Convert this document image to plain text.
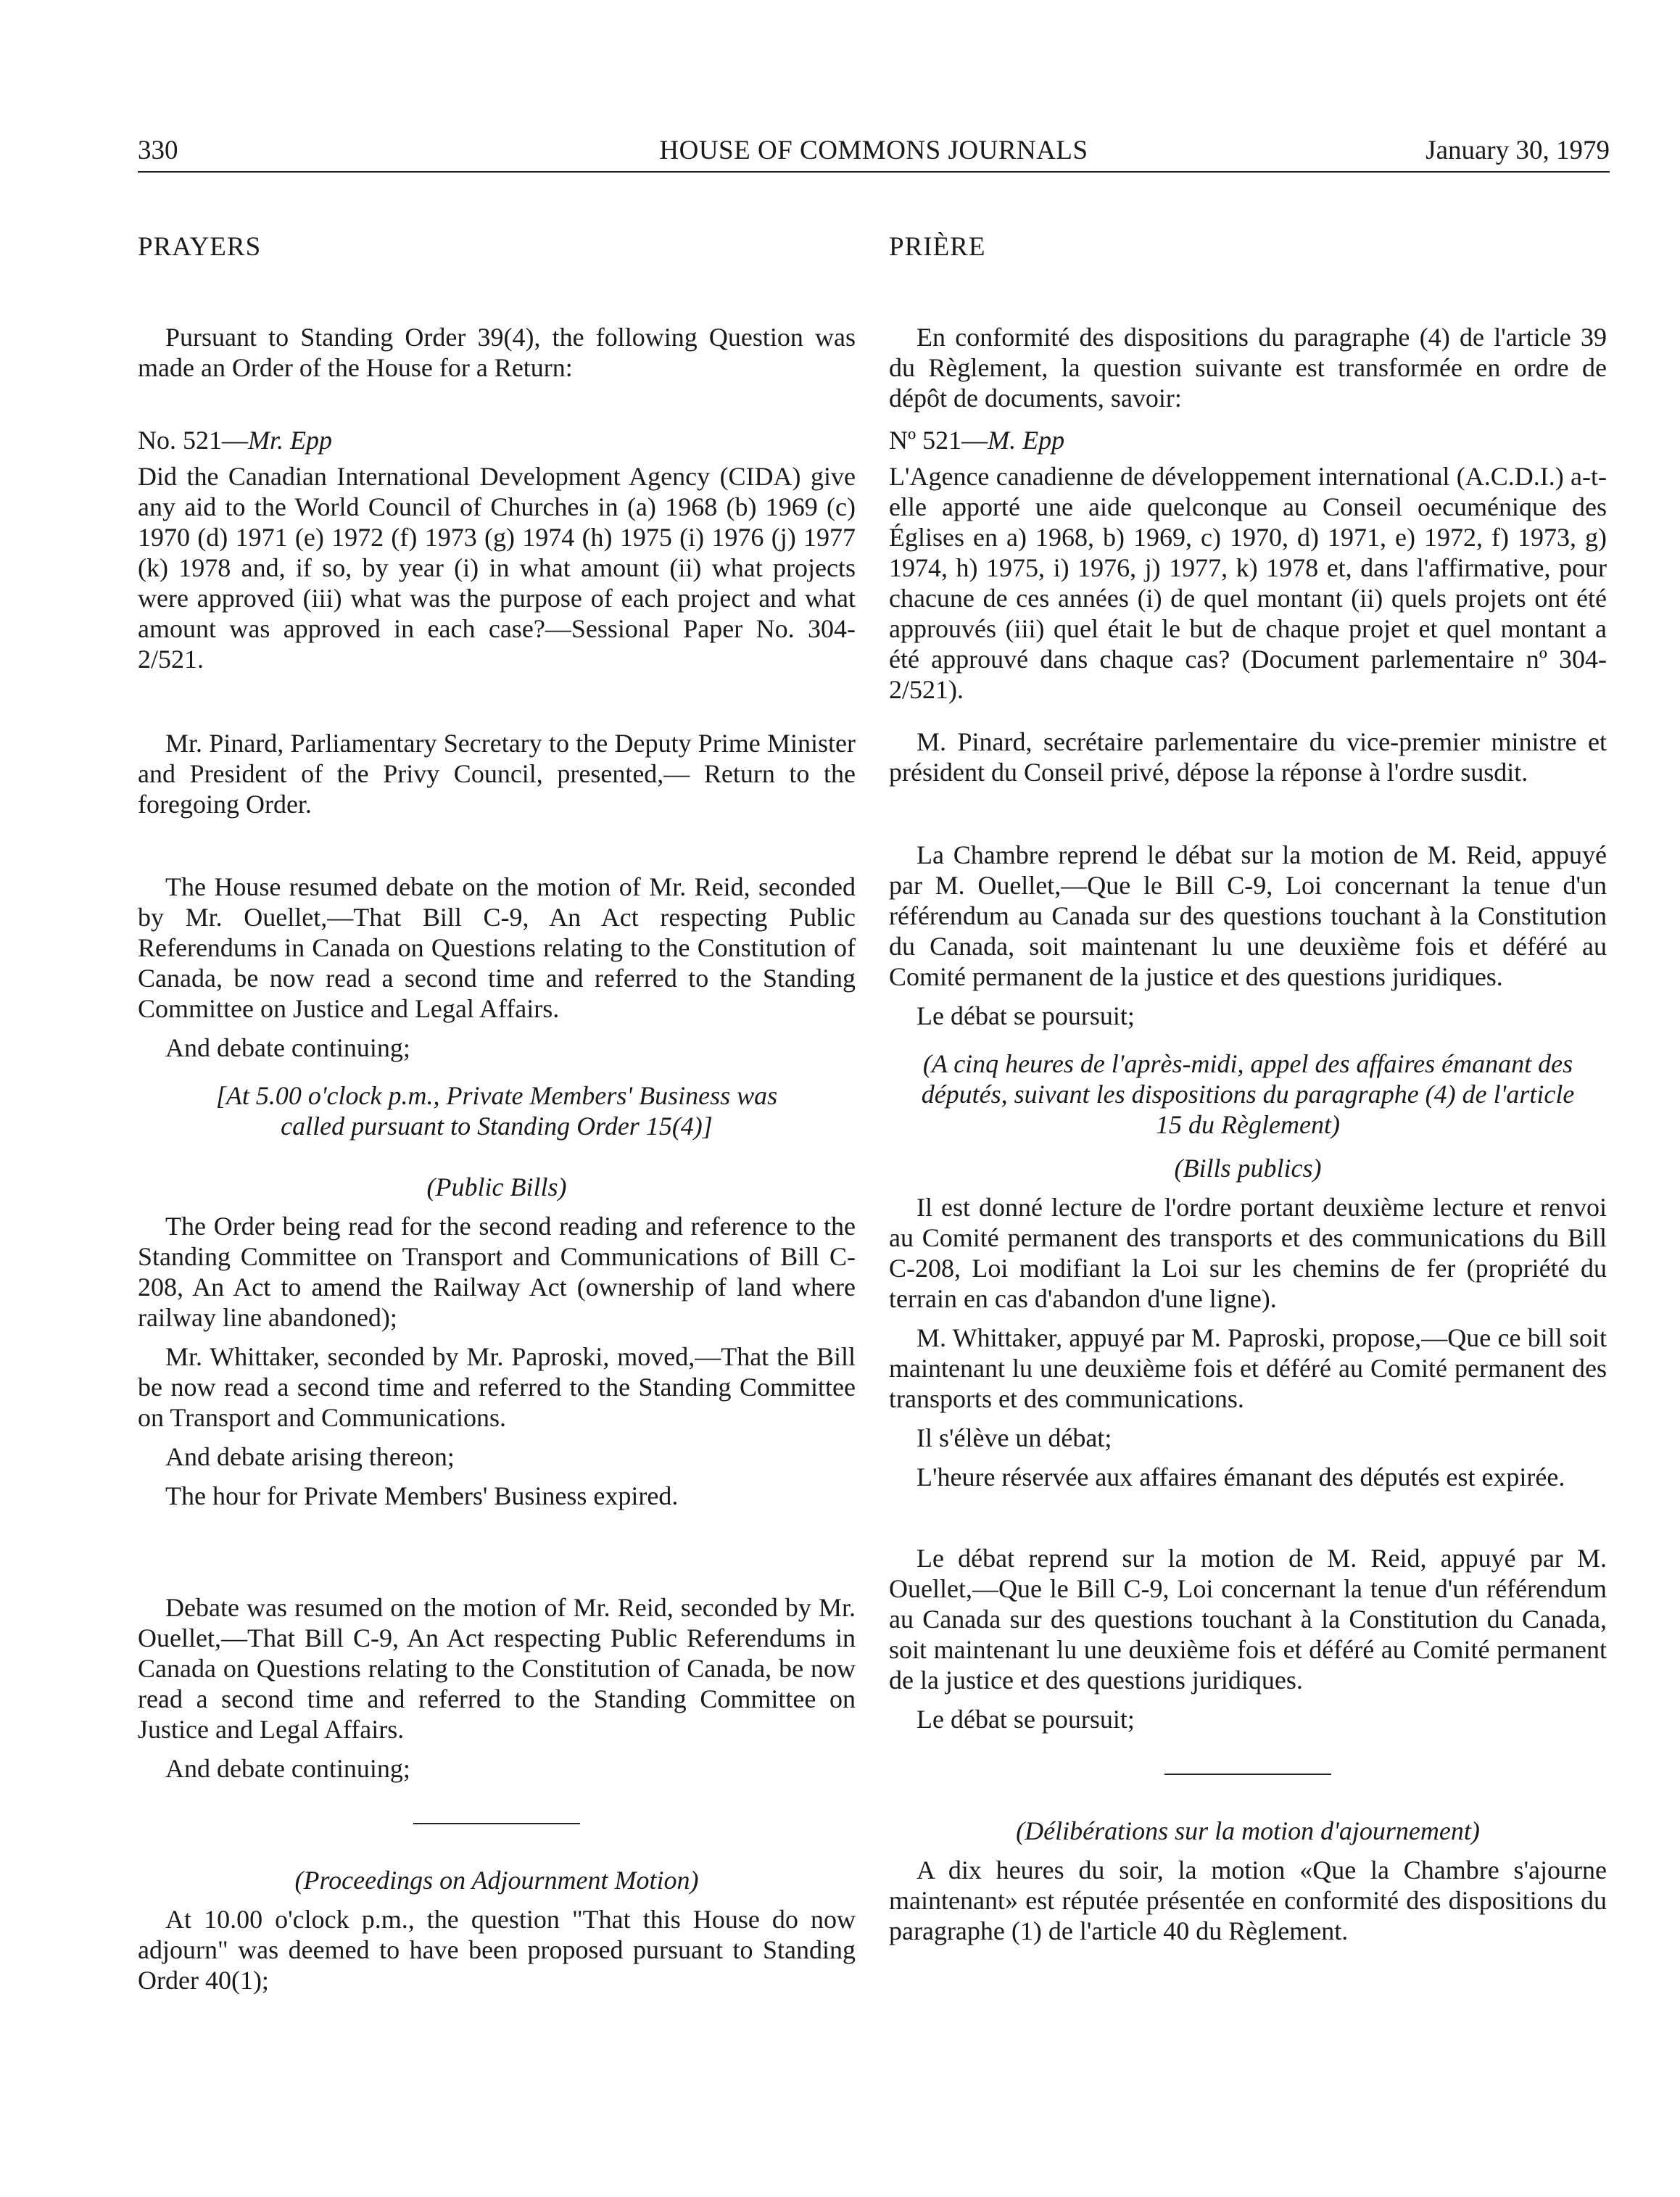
330	HOUSE OF COMMONS JOURNALS	January 30, 1979

PRAYERS

Pursuant to Standing Order 39(4), the following Question was made an Order of the House for a Return:

No. 521—Mr. Epp

Did the Canadian International Development Agency (CIDA) give any aid to the World Council of Churches in (a) 1968 (b) 1969 (c) 1970 (d) 1971 (e) 1972 (f) 1973 (g) 1974 (h) 1975 (i) 1976 (j) 1977 (k) 1978 and, if so, by year (i) in what amount (ii) what projects were approved (iii) what was the purpose of each project and what amount was approved in each case?—Sessional Paper No. 304-2/521.

Mr. Pinard, Parliamentary Secretary to the Deputy Prime Minister and President of the Privy Council, presented,— Return to the foregoing Order.

The House resumed debate on the motion of Mr. Reid, seconded by Mr. Ouellet,—That Bill C-9, An Act respecting Public Referendums in Canada on Questions relating to the Constitution of Canada, be now read a second time and referred to the Standing Committee on Justice and Legal Affairs.

And debate continuing;

[At 5.00 o'clock p.m., Private Members' Business was called pursuant to Standing Order 15(4)]

(Public Bills)

The Order being read for the second reading and reference to the Standing Committee on Transport and Communications of Bill C-208, An Act to amend the Railway Act (ownership of land where railway line abandoned);

Mr. Whittaker, seconded by Mr. Paproski, moved,—That the Bill be now read a second time and referred to the Standing Committee on Transport and Communications.

And debate arising thereon;

The hour for Private Members' Business expired.

Debate was resumed on the motion of Mr. Reid, seconded by Mr. Ouellet,—That Bill C-9, An Act respecting Public Referendums in Canada on Questions relating to the Constitution of Canada, be now read a second time and referred to the Standing Committee on Justice and Legal Affairs.

And debate continuing;

(Proceedings on Adjournment Motion)

At 10.00 o'clock p.m., the question "That this House do now adjourn" was deemed to have been proposed pursuant to Standing Order 40(1);

PRIÈRE

En conformité des dispositions du paragraphe (4) de l'article 39 du Règlement, la question suivante est transformée en ordre de dépôt de documents, savoir:

Nº 521—M. Epp

L'Agence canadienne de développement international (A.C.D.I.) a-t-elle apporté une aide quelconque au Conseil oecuménique des Églises en a) 1968, b) 1969, c) 1970, d) 1971, e) 1972, f) 1973, g) 1974, h) 1975, i) 1976, j) 1977, k) 1978 et, dans l'affirmative, pour chacune de ces années (i) de quel montant (ii) quels projets ont été approuvés (iii) quel était le but de chaque projet et quel montant a été approuvé dans chaque cas? (Document parlementaire nº 304-2/521).

M. Pinard, secrétaire parlementaire du vice-premier ministre et président du Conseil privé, dépose la réponse à l'ordre susdit.

La Chambre reprend le débat sur la motion de M. Reid, appuyé par M. Ouellet,—Que le Bill C-9, Loi concernant la tenue d'un référendum au Canada sur des questions touchant à la Constitution du Canada, soit maintenant lu une deuxième fois et déféré au Comité permanent de la justice et des questions juridiques.

Le débat se poursuit;

(A cinq heures de l'après-midi, appel des affaires émanant des députés, suivant les dispositions du paragraphe (4) de l'article 15 du Règlement)

(Bills publics)

Il est donné lecture de l'ordre portant deuxième lecture et renvoi au Comité permanent des transports et des communications du Bill C-208, Loi modifiant la Loi sur les chemins de fer (propriété du terrain en cas d'abandon d'une ligne).

M. Whittaker, appuyé par M. Paproski, propose,—Que ce bill soit maintenant lu une deuxième fois et déféré au Comité permanent des transports et des communications.

Il s'élève un débat;

L'heure réservée aux affaires émanant des députés est expirée.

Le débat reprend sur la motion de M. Reid, appuyé par M. Ouellet,—Que le Bill C-9, Loi concernant la tenue d'un référendum au Canada sur des questions touchant à la Constitution du Canada, soit maintenant lu une deuxième fois et déféré au Comité permanent de la justice et des questions juridiques.

Le débat se poursuit;

(Délibérations sur la motion d'ajournement)

A dix heures du soir, la motion «Que la Chambre s'ajourne maintenant» est réputée présentée en conformité des dispositions du paragraphe (1) de l'article 40 du Règlement.
